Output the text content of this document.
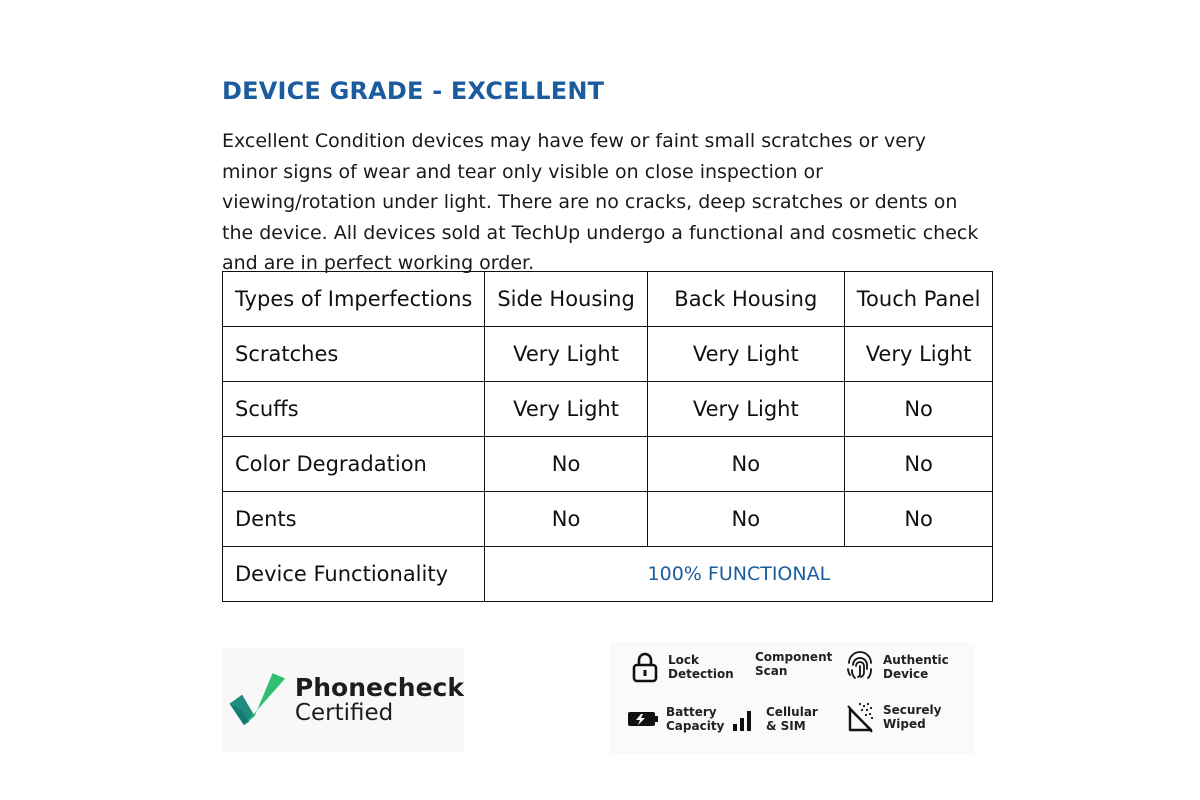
DEVICE GRADE - EXCELLENT

Excellent Condition devices may have few or faint small scratches or very minor signs of wear and tear only visible on close inspection or viewing/rotation under light. There are no cracks, deep scratches or dents on the device. All devices sold at TechUp undergo a functional and cosmetic check and are in perfect working order.

Types of Imperfections	Side Housing	Back Housing	Touch Panel
Scratches	Very Light	Very Light	Very Light
Scuffs	Very Light	Very Light	No
Color Degradation	No	No	No
Dents	No	No	No
Device Functionality	100% FUNCTIONAL		
Phonecheck
Certified
Lock
Detection
Component
Scan
Authentic
Device
Battery
Capacity
Cellular
& SIM
Securely
Wiped
